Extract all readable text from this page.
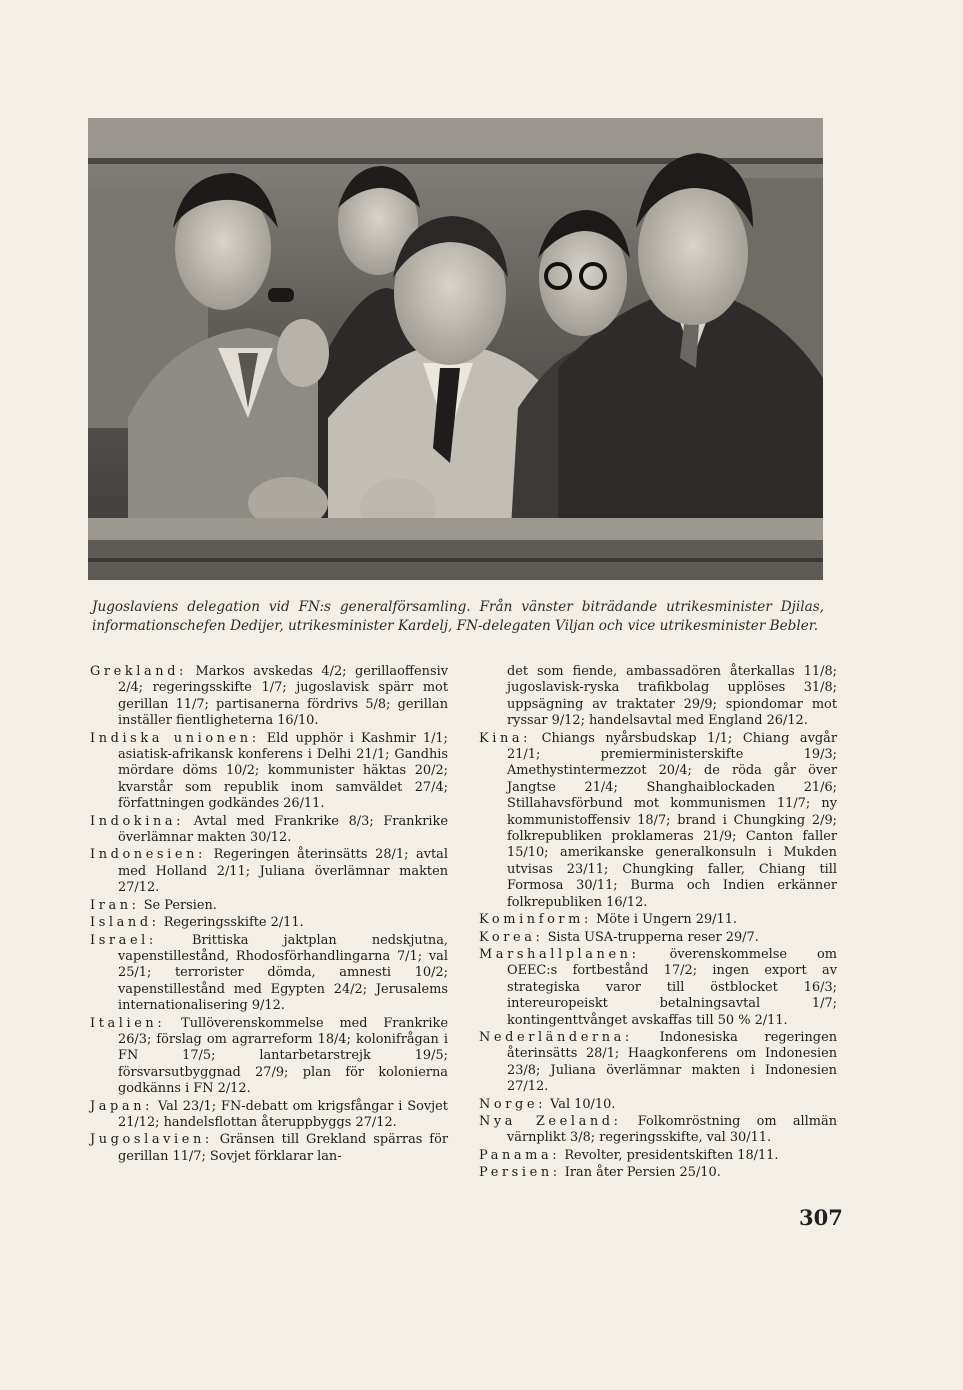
Jugoslaviens delegation vid FN:s generalförsamling. Från vänster biträdande utrikesminister Djilas, informationschefen Dedijer, utrikesminister Kardelj, FN-delegaten Viljan och vice utrikesminister Bebler.

Grekland: Markos avskedas 4/2; gerillaoffensiv 2/4; regeringsskifte 1/7; jugoslavisk spärr mot gerillan 11/7; partisanerna fördrivs 5/8; gerillan inställer fientligheterna 16/10.

Indiska unionen: Eld upphör i Kashmir 1/1; asiatisk-afrikansk konferens i Delhi 21/1; Gandhis mördare döms 10/2; kommunister häktas 20/2; kvarstår som republik inom samväldet 27/4; författningen godkändes 26/11.

Indokina: Avtal med Frankrike 8/3; Frankrike överlämnar makten 30/12.

Indonesien: Regeringen återinsätts 28/1; avtal med Holland 2/11; Juliana överlämnar makten 27/12.

Iran: Se Persien.

Island: Regeringsskifte 2/11.

Israel: Brittiska jaktplan nedskjutna, vapenstillestånd, Rhodosförhandlingarna 7/1; val 25/1; terrorister dömda, amnesti 10/2; vapenstillestånd med Egypten 24/2; Jerusalems internationalisering 9/12.

Italien: Tullöverenskommelse med Frankrike 26/3; förslag om agrarreform 18/4; kolonifrågan i FN 17/5; lantarbetarstrejk 19/5; försvarsutbyggnad 27/9; plan för kolonierna godkänns i FN 2/12.

Japan: Val 23/1; FN-debatt om krigsfångar i Sovjet 21/12; handelsflottan återuppbyggs 27/12.

Jugoslavien: Gränsen till Grekland spärras för gerillan 11/7; Sovjet förklarar lan-

det som fiende, ambassadören återkallas 11/8; jugoslavisk-ryska trafikbolag upplöses 31/8; uppsägning av traktater 29/9; spiondomar mot ryssar 9/12; handelsavtal med England 26/12.

Kina: Chiangs nyårsbudskap 1/1; Chiang avgår 21/1; premierministerskifte 19/3; Amethystintermezzot 20/4; de röda går över Jangtse 21/4; Shanghaiblockaden 21/6; Stillahavsförbund mot kommunismen 11/7; ny kommunistoffensiv 18/7; brand i Chungking 2/9; folkrepubliken proklameras 21/9; Canton faller 15/10; amerikanske generalkonsuln i Mukden utvisas 23/11; Chungking faller, Chiang till Formosa 30/11; Burma och Indien erkänner folkrepubliken 16/12.

Kominform: Möte i Ungern 29/11.

Korea: Sista USA-trupperna reser 29/7.

Marshallplanen: överenskommelse om OEEC:s fortbestånd 17/2; ingen export av strategiska varor till östblocket 16/3; intereuropeiskt betalningsavtal 1/7; kontingenttvånget avskaffas till 50 % 2/11.

Nederländerna: Indonesiska regeringen återinsätts 28/1; Haagkonferens om Indonesien 23/8; Juliana överlämnar makten i Indonesien 27/12.

Norge: Val 10/10.

Nya Zeeland: Folkomröstning om allmän värnplikt 3/8; regeringsskifte, val 30/11.

Panama: Revolter, presidentskiften 18/11.

Persien: Iran åter Persien 25/10.

307
